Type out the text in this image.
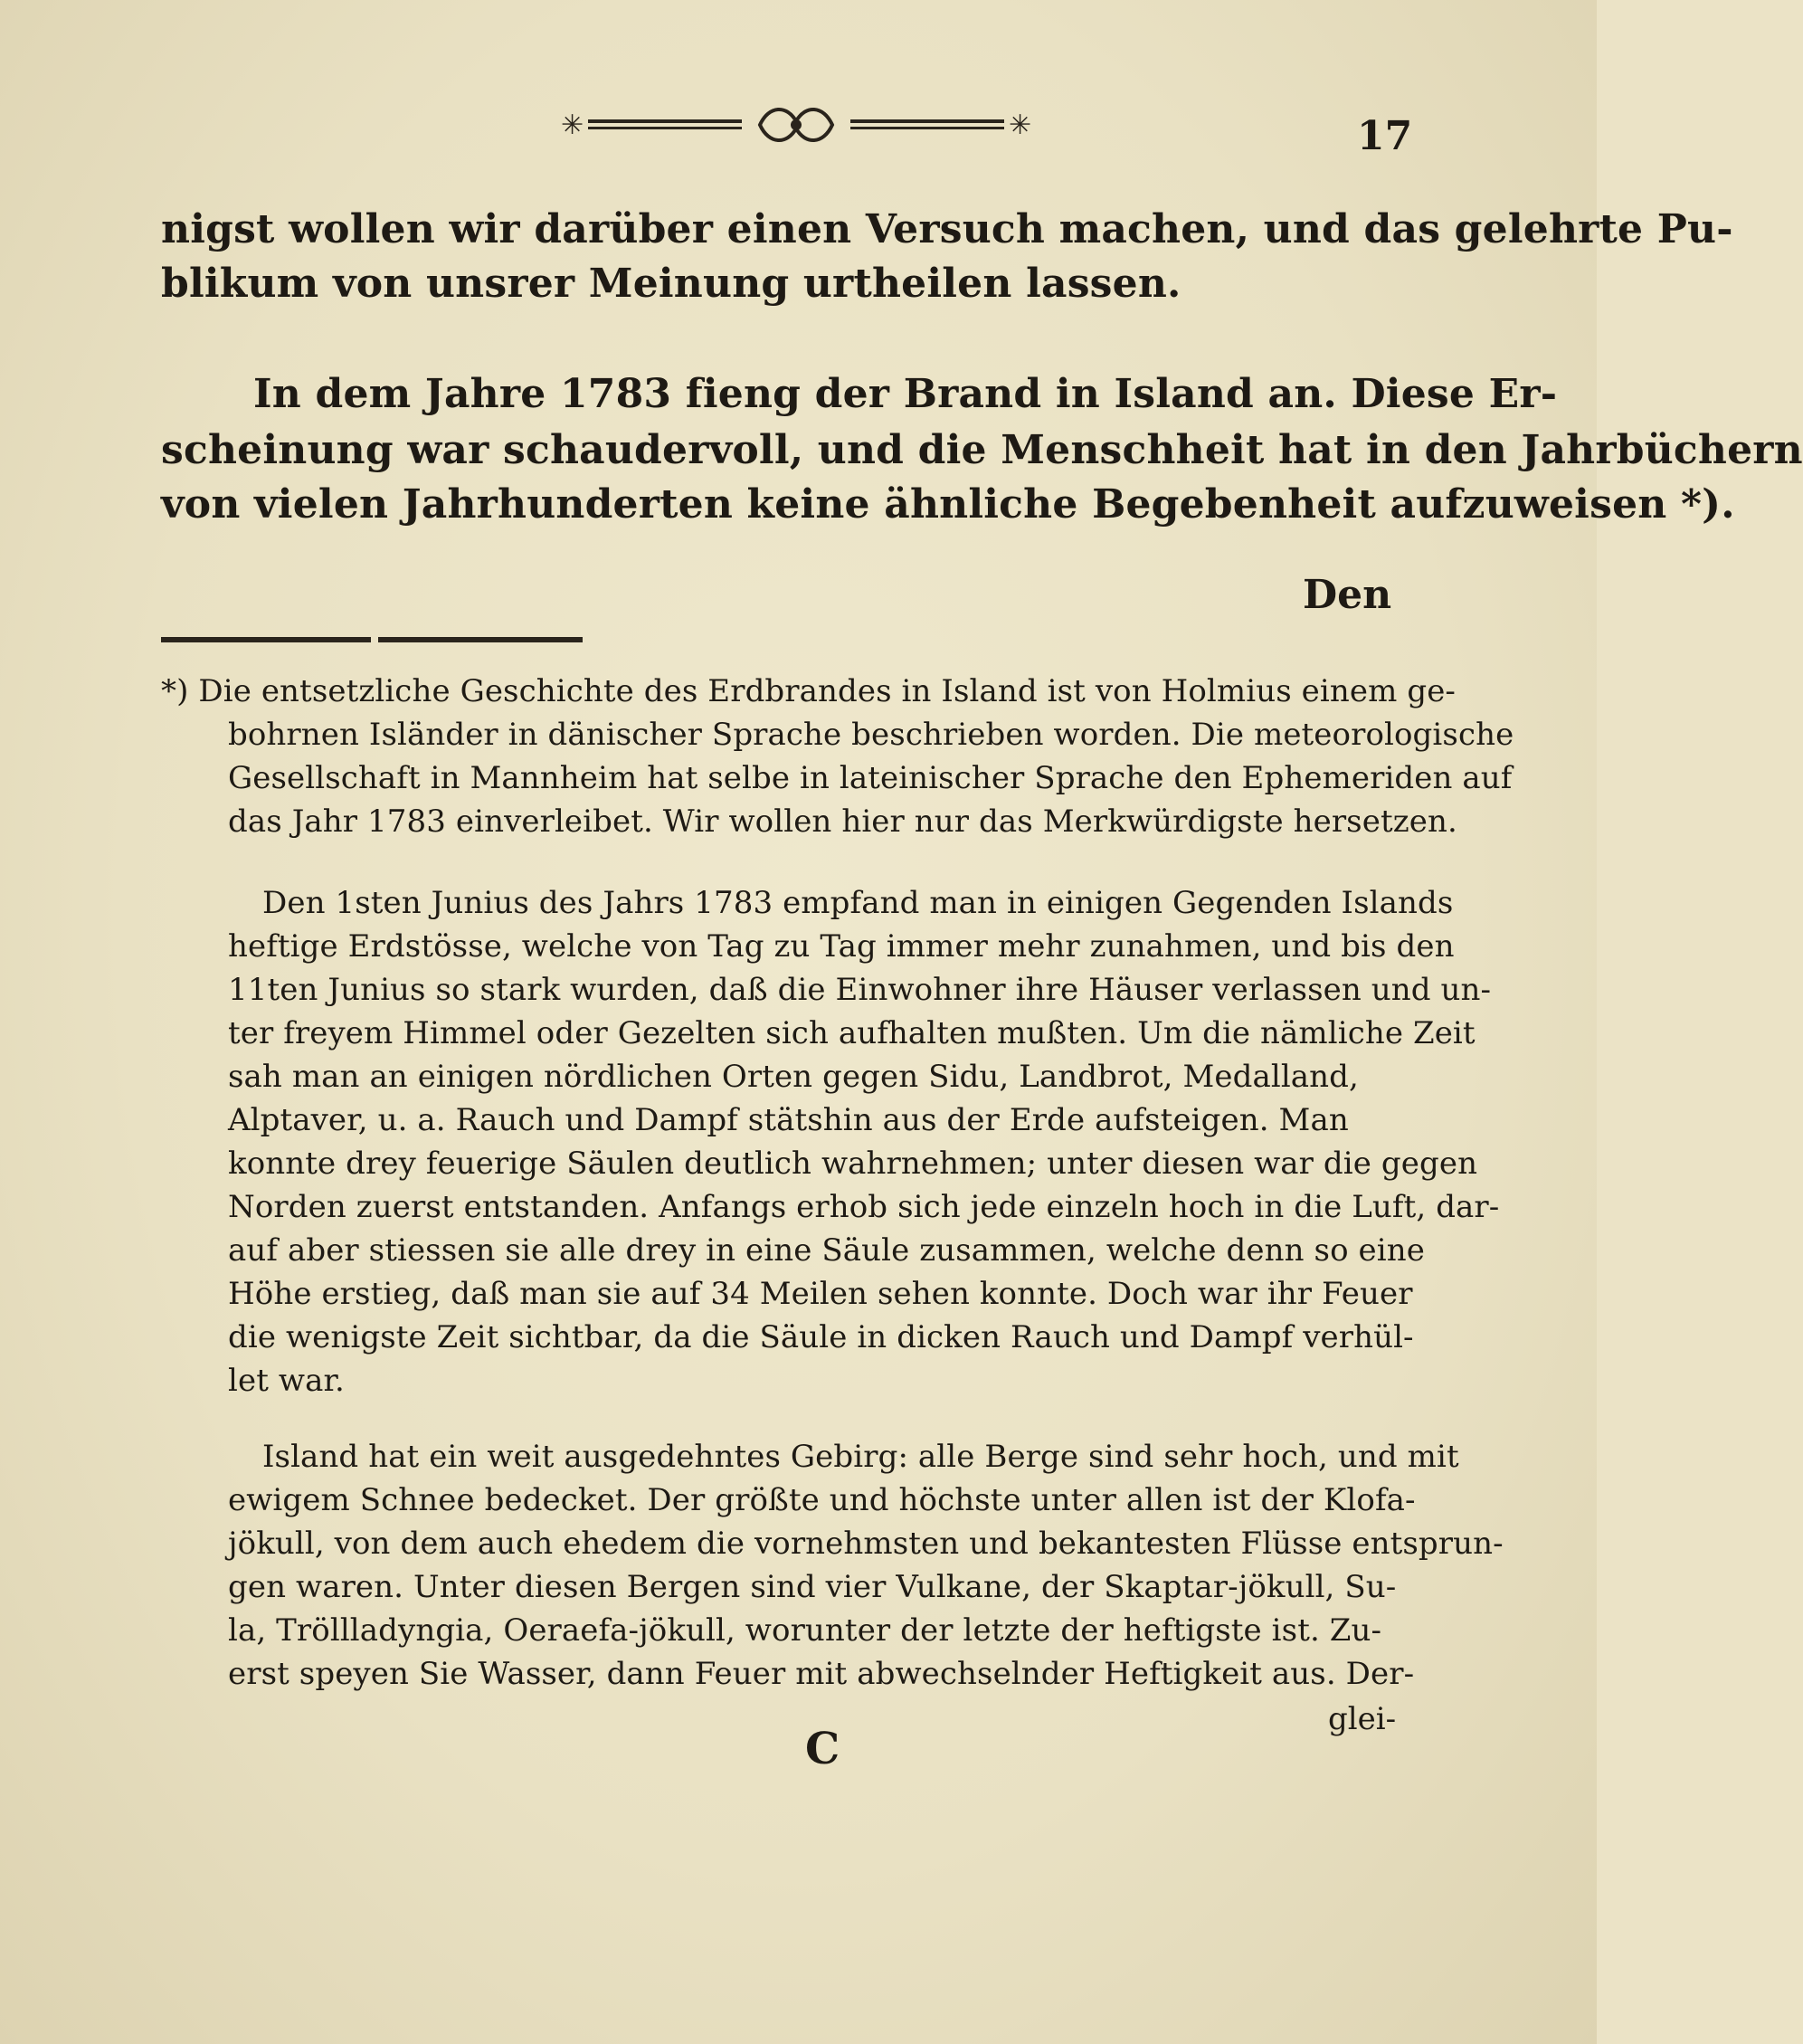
✳	✳	17
nigst wollen wir darüber einen Versuch machen, und das gelehrte Pu-
blikum von unsrer Meinung urtheilen lassen.
In dem Jahre 1783 fieng der Brand in Island an. Diese Er-
scheinung war schaudervoll, und die Menschheit hat in den Jahrbüchern
von vielen Jahrhunderten keine ähnliche Begebenheit aufzuweisen *).
Den
*) Die entsetzliche Geschichte des Erdbrandes in Island ist von Holmius einem ge-
bohrnen Isländer in dänischer Sprache beschrieben worden. Die meteorologische
Gesellschaft in Mannheim hat selbe in lateinischer Sprache den Ephemeriden auf
das Jahr 1783 einverleibet. Wir wollen hier nur das Merkwürdigste hersetzen.
Den 1sten Junius des Jahrs 1783 empfand man in einigen Gegenden Islands
heftige Erdstösse, welche von Tag zu Tag immer mehr zunahmen, und bis den
11ten Junius so stark wurden, daß die Einwohner ihre Häuser verlassen und un-
ter freyem Himmel oder Gezelten sich aufhalten mußten. Um die nämliche Zeit
sah man an einigen nördlichen Orten gegen Sidu, Landbrot, Medalland,
Alptaver, u. a. Rauch und Dampf stätshin aus der Erde aufsteigen. Man
konnte drey feuerige Säulen deutlich wahrnehmen; unter diesen war die gegen
Norden zuerst entstanden. Anfangs erhob sich jede einzeln hoch in die Luft, dar-
auf aber stiessen sie alle drey in eine Säule zusammen, welche denn so eine
Höhe erstieg, daß man sie auf 34 Meilen sehen konnte. Doch war ihr Feuer
die wenigste Zeit sichtbar, da die Säule in dicken Rauch und Dampf verhül-
let war.
Island hat ein weit ausgedehntes Gebirg: alle Berge sind sehr hoch, und mit
ewigem Schnee bedecket. Der größte und höchste unter allen ist der Klofa-
jökull, von dem auch ehedem die vornehmsten und bekantesten Flüsse entsprun-
gen waren. Unter diesen Bergen sind vier Vulkane, der Skaptar-jökull, Su-
la, Tröllladyngia, Oeraefa-jökull, worunter der letzte der heftigste ist. Zu-
erst speyen Sie Wasser, dann Feuer mit abwechselnder Heftigkeit aus. Der-
glei-
C
